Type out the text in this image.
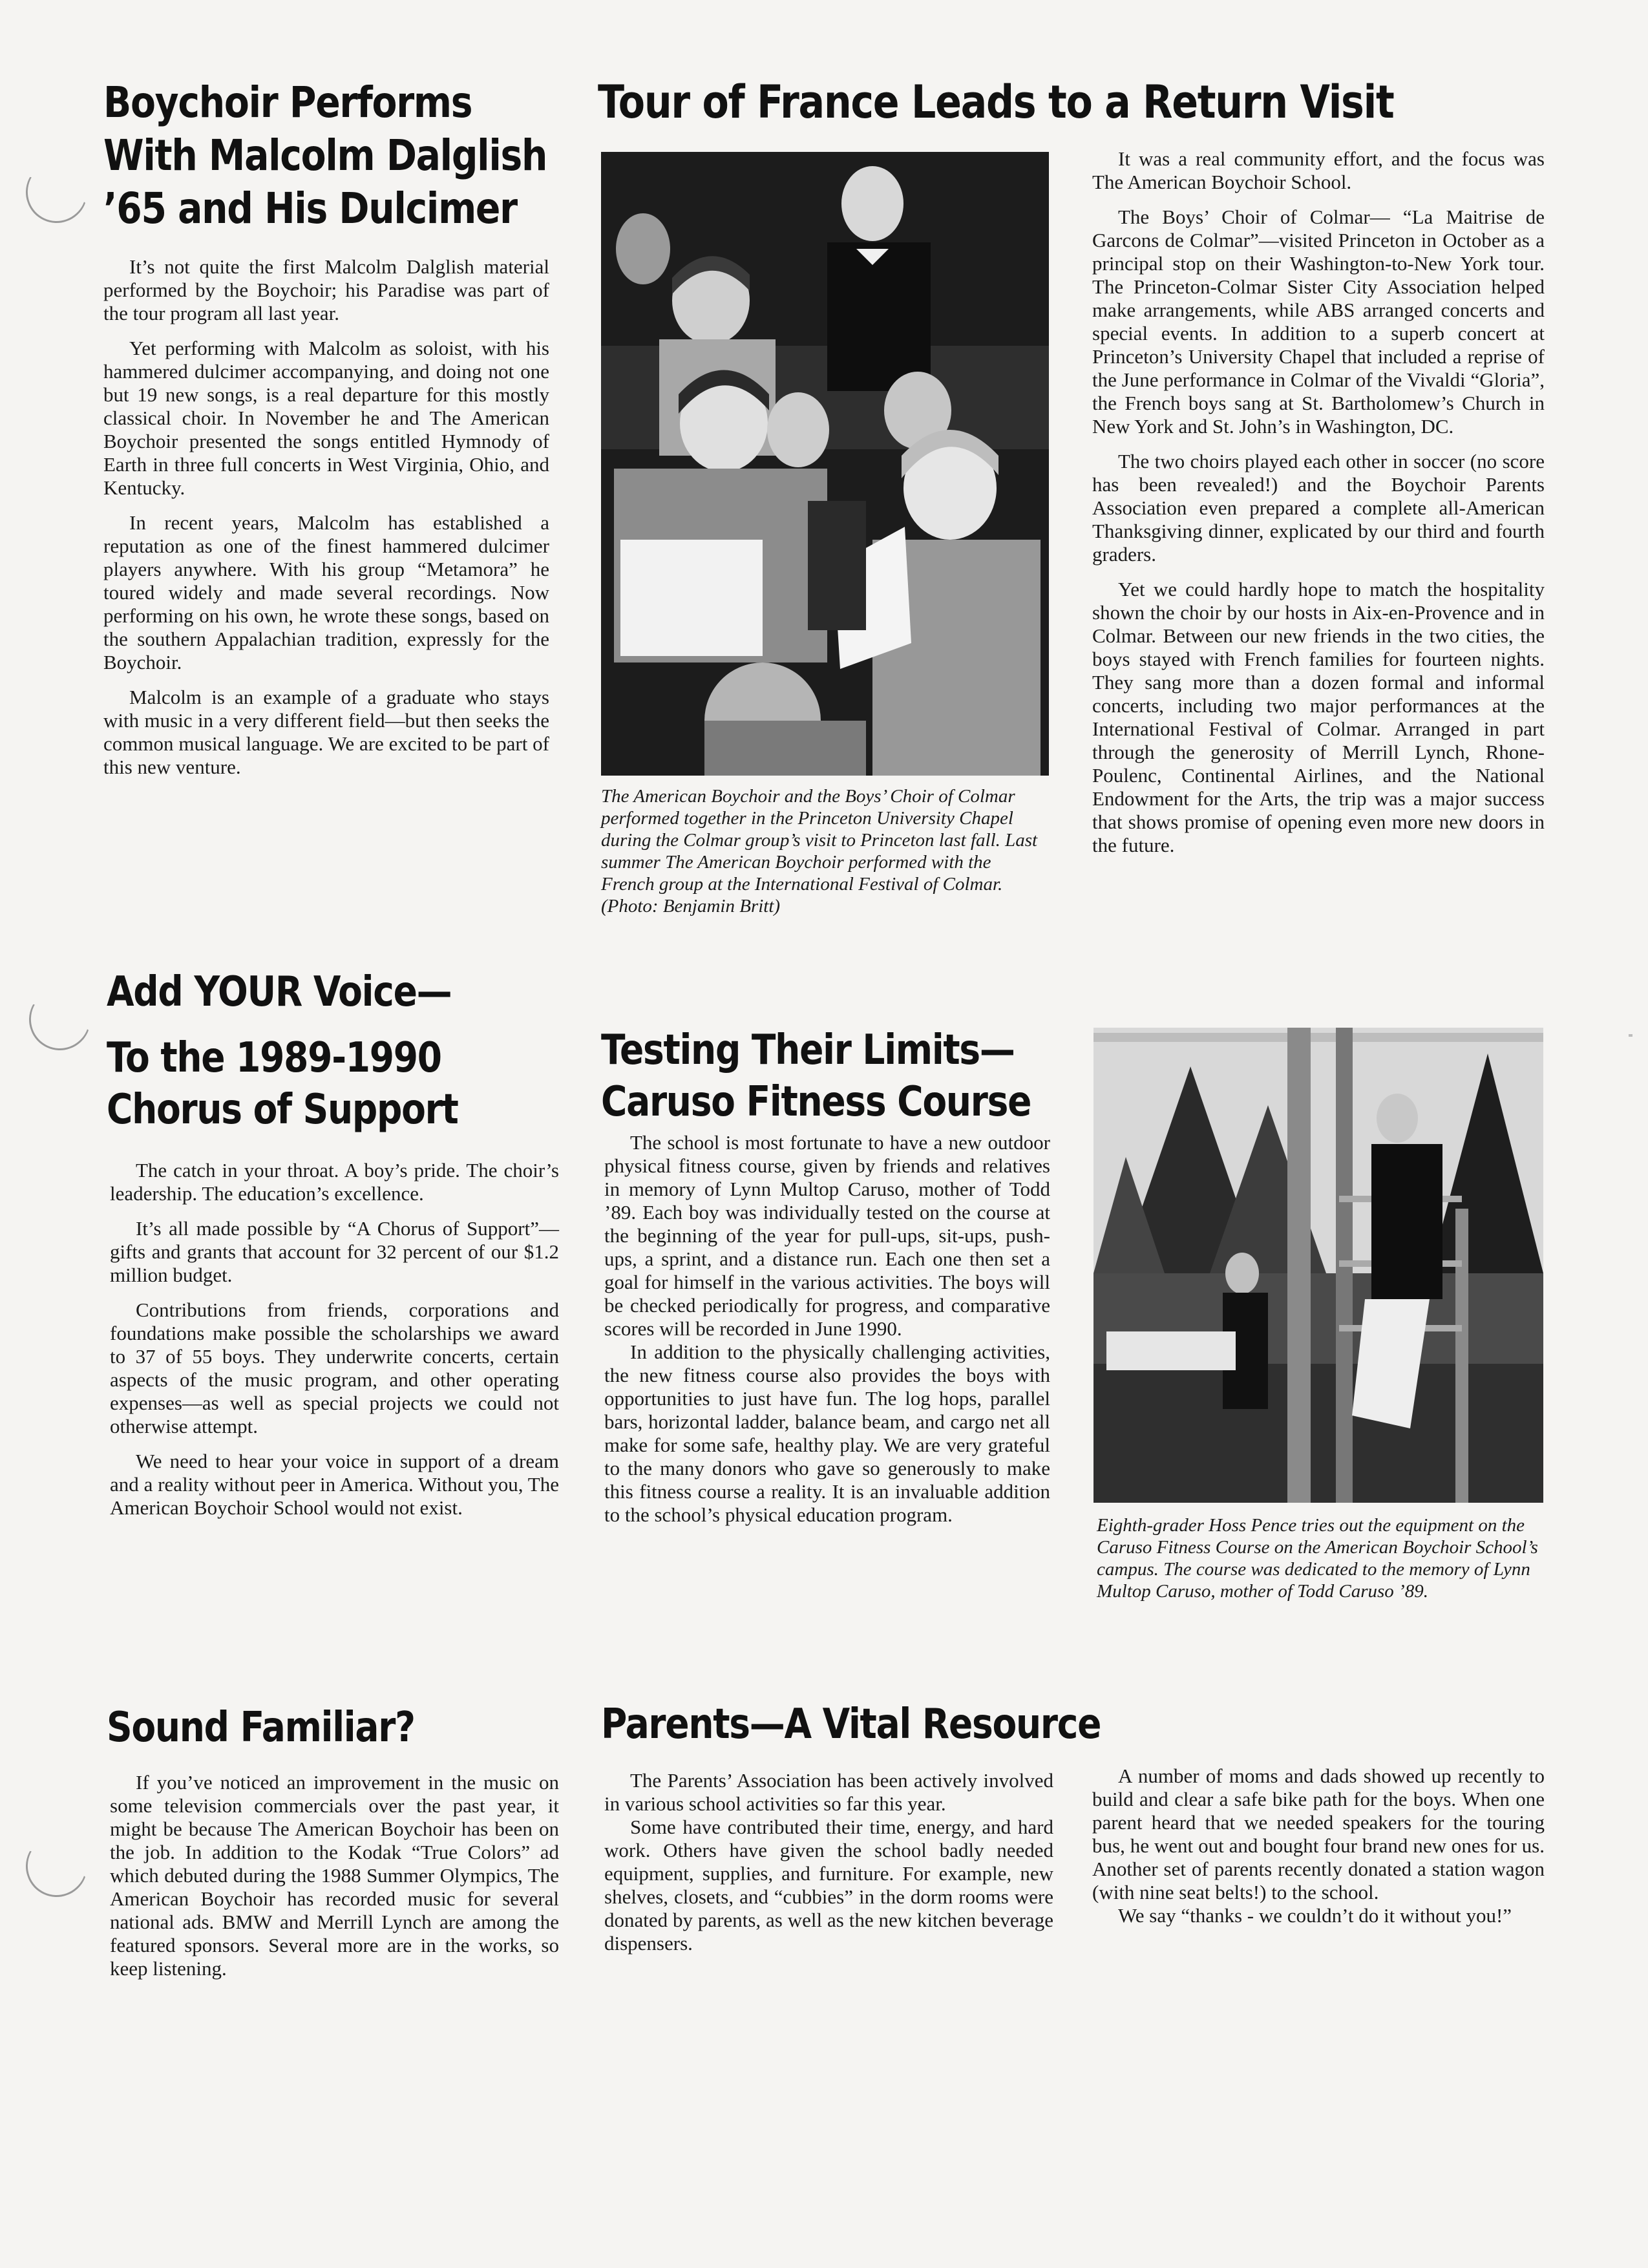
Boychoir Performs With Malcolm Dalglish ’65 and His Dulcimer

It’s not quite the first Malcolm Dalglish material performed by the Boychoir; his Paradise was part of the tour program all last year.

Yet performing with Malcolm as soloist, with his hammered dulcimer accompanying, and doing not one but 19 new songs, is a real departure for this mostly classical choir. In November he and The American Boychoir presented the songs entitled Hymnody of Earth in three full concerts in West Virginia, Ohio, and Kentucky.

In recent years, Malcolm has established a reputation as one of the finest hammered dulcimer players anywhere. With his group “Metamora” he toured widely and made several recordings. Now performing on his own, he wrote these songs, based on the southern Appalachian tradition, expressly for the Boychoir.

Malcolm is an example of a graduate who stays with music in a very different field—but then seeks the common musical language. We are excited to be part of this new venture.

Tour of France Leads to a Return Visit

The American Boychoir and the Boys’ Choir of Colmar performed together in the Princeton University Chapel during the Colmar group’s visit to Princeton last fall. Last summer The American Boychoir performed with the French group at the International Festival of Colmar. (Photo: Benjamin Britt)

It was a real community effort, and the focus was The American Boychoir School.

The Boys’ Choir of Colmar— “La Maitrise de Garcons de Colmar”—visited Princeton in October as a principal stop on their Washington-to-New York tour. The Princeton-Colmar Sister City Association helped make arrangements, while ABS arranged concerts and special events. In addition to a superb concert at Princeton’s University Chapel that included a reprise of the June performance in Colmar of the Vivaldi “Gloria”, the French boys sang at St. Bartholomew’s Church in New York and St. John’s in Washington, DC.

The two choirs played each other in soccer (no score has been revealed!) and the Boychoir Parents Association even prepared a complete all-American Thanksgiving dinner, explicated by our third and fourth graders.

Yet we could hardly hope to match the hospitality shown the choir by our hosts in Aix-en-Provence and in Colmar. Between our new friends in the two cities, the boys stayed with French families for fourteen nights. They sang more than a dozen formal and informal concerts, including two major performances at the International Festival of Colmar. Arranged in part through the generosity of Merrill Lynch, Rhone-Poulenc, Continental Airlines, and the National Endowment for the Arts, the trip was a major success that shows promise of opening even more new doors in the future.

Add YOUR Voice—
To the 1989-1990
Chorus of Support

The catch in your throat. A boy’s pride. The choir’s leadership. The education’s excellence.

It’s all made possible by “A Chorus of Support”—gifts and grants that account for 32 percent of our $1.2 million budget.

Contributions from friends, corporations and foundations make possible the scholarships we award to 37 of 55 boys. They underwrite concerts, certain aspects of the music program, and other operating expenses—as well as special projects we could not otherwise attempt.

We need to hear your voice in support of a dream and a reality without peer in America. Without you, The American Boychoir School would not exist.

Testing Their Limits—
Caruso Fitness Course

The school is most fortunate to have a new outdoor physical fitness course, given by friends and relatives in memory of Lynn Multop Caruso, mother of Todd ’89. Each boy was individually tested on the course at the beginning of the year for pull-ups, sit-ups, push-ups, a sprint, and a distance run. Each one then set a goal for himself in the various activities. The boys will be checked periodically for progress, and comparative scores will be recorded in June 1990.

In addition to the physically challenging activities, the new fitness course also provides the boys with opportunities to just have fun. The log hops, parallel bars, horizontal ladder, balance beam, and cargo net all make for some safe, healthy play. We are very grateful to the many donors who gave so generously to make this fitness course a reality. It is an invaluable addition to the school’s physical education program.	Eighth-grader Hoss Pence tries out the equipment on the Caruso Fitness Course on the American Boychoir School’s campus. The course was dedicated to the memory of Lynn Multop Caruso, mother of Todd Caruso ’89.

Sound Familiar?

If you’ve noticed an improvement in the music on some television commercials over the past year, it might be because The American Boychoir has been on the job. In addition to the Kodak “True Colors” ad which debuted during the 1988 Summer Olympics, The American Boychoir has recorded music for several national ads. BMW and Merrill Lynch are among the featured sponsors. Several more are in the works, so keep listening.

Parents—A Vital Resource

The Parents’ Association has been actively involved in various school activities so far this year.

Some have contributed their time, energy, and hard work. Others have given the school badly needed equipment, supplies, and furniture. For example, new shelves, closets, and “cubbies” in the dorm rooms were donated by parents, as well as the new kitchen beverage dispensers.

A number of moms and dads showed up recently to build and clear a safe bike path for the boys. When one parent heard that we needed speakers for the touring bus, he went out and bought four brand new ones for us. Another set of parents recently donated a station wagon (with nine seat belts!) to the school.

We say “thanks - we couldn’t do it without you!”
